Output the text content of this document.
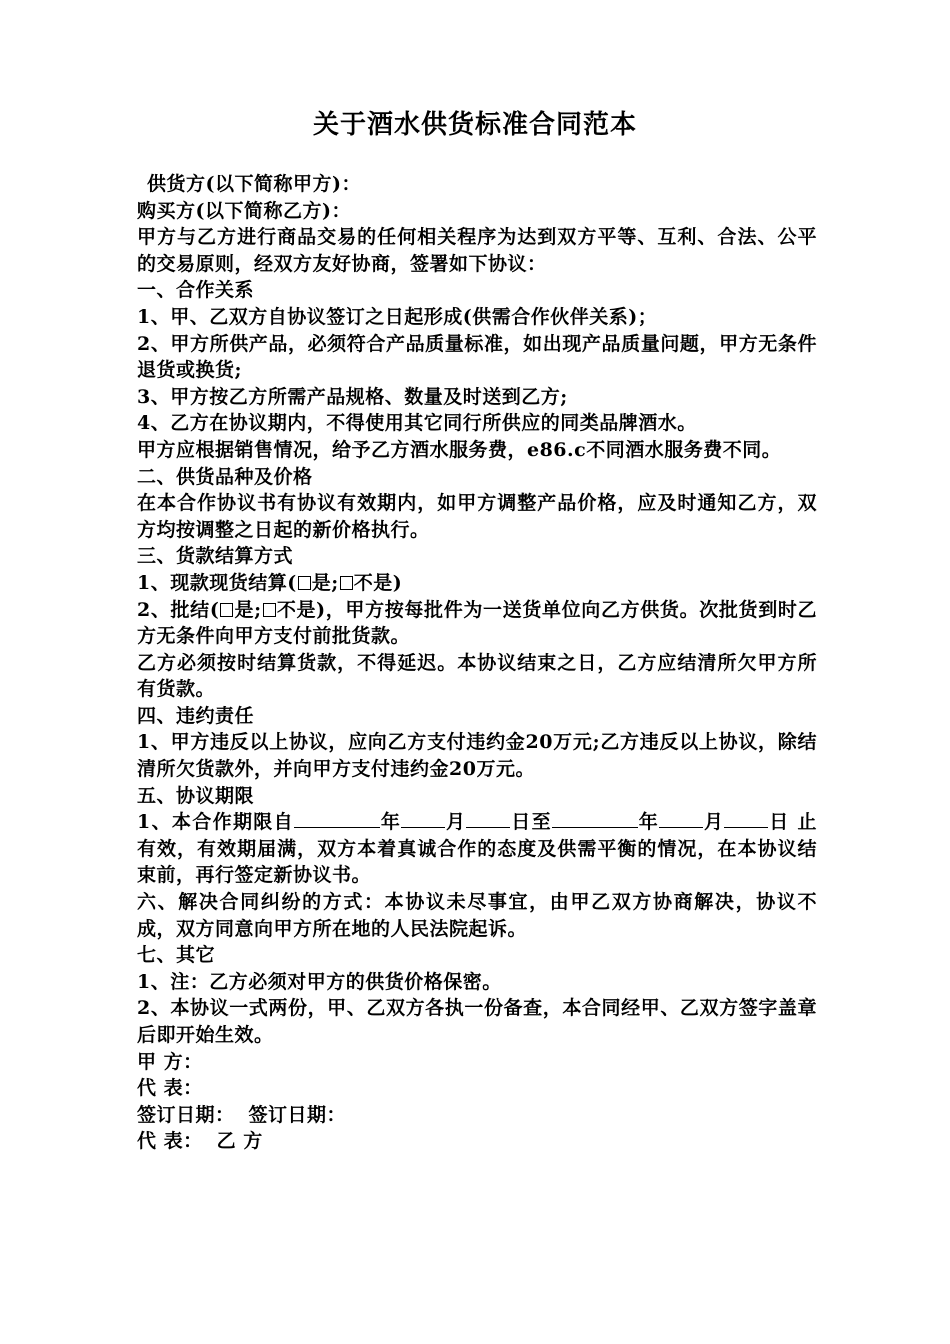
关于酒水供货标准合同范本
供货方(以下简称甲方)：
购买方(以下简称乙方)：
甲方与乙方进行商品交易的任何相关程序为达到双方平等、互利、合法、公平的交易原则，经双方友好协商，签署如下协议：
一、合作关系
1、甲、乙双方自协议签订之日起形成(供需合作伙伴关系)；
2、甲方所供产品，必须符合产品质量标准，如出现产品质量问题，甲方无条件退货或换货;
3、甲方按乙方所需产品规格、数量及时送到乙方;
4、乙方在协议期内，不得使用其它同行所供应的同类品牌酒水。
甲方应根据销售情况，给予乙方酒水服务费，e86.c不同酒水服务费不同。
二、供货品种及价格
在本合作协议书有协议有效期内，如甲方调整产品价格，应及时通知乙方，双方均按调整之日起的新价格执行。
三、货款结算方式
1、现款现货结算( 是; 不是)
2、批结( 是; 不是)，甲方按每批件为一送货单位向乙方供货。次批货到时乙方无条件向甲方支付前批货款。
乙方必须按时结算货款，不得延迟。本协议结束之日，乙方应结清所欠甲方所有货款。
四、违约责任
1、甲方违反以上协议，应向乙方支付违约金20万元;乙方违反以上协议，除结清所欠货款外，并向甲方支付违约金20万元。
五、协议期限
1、本合作期限自	年 月 日至	年 月 日 止有效，有效期届满，双方本着真诚合作的态度及供需平衡的情况，在本协议结束前，再行签定新协议书。
六、解决合同纠纷的方式：本协议未尽事宜，由甲乙双方协商解决，协议不成，双方同意向甲方所在地的人民法院起诉。
七、其它
1、注：乙方必须对甲方的供货价格保密。
2、本协议一式两份，甲、乙双方各执一份备查，本合同经甲、乙双方签字盖章后即开始生效。
甲 方：
代 表：
签订日期： 签订日期：
代 表： 乙 方
